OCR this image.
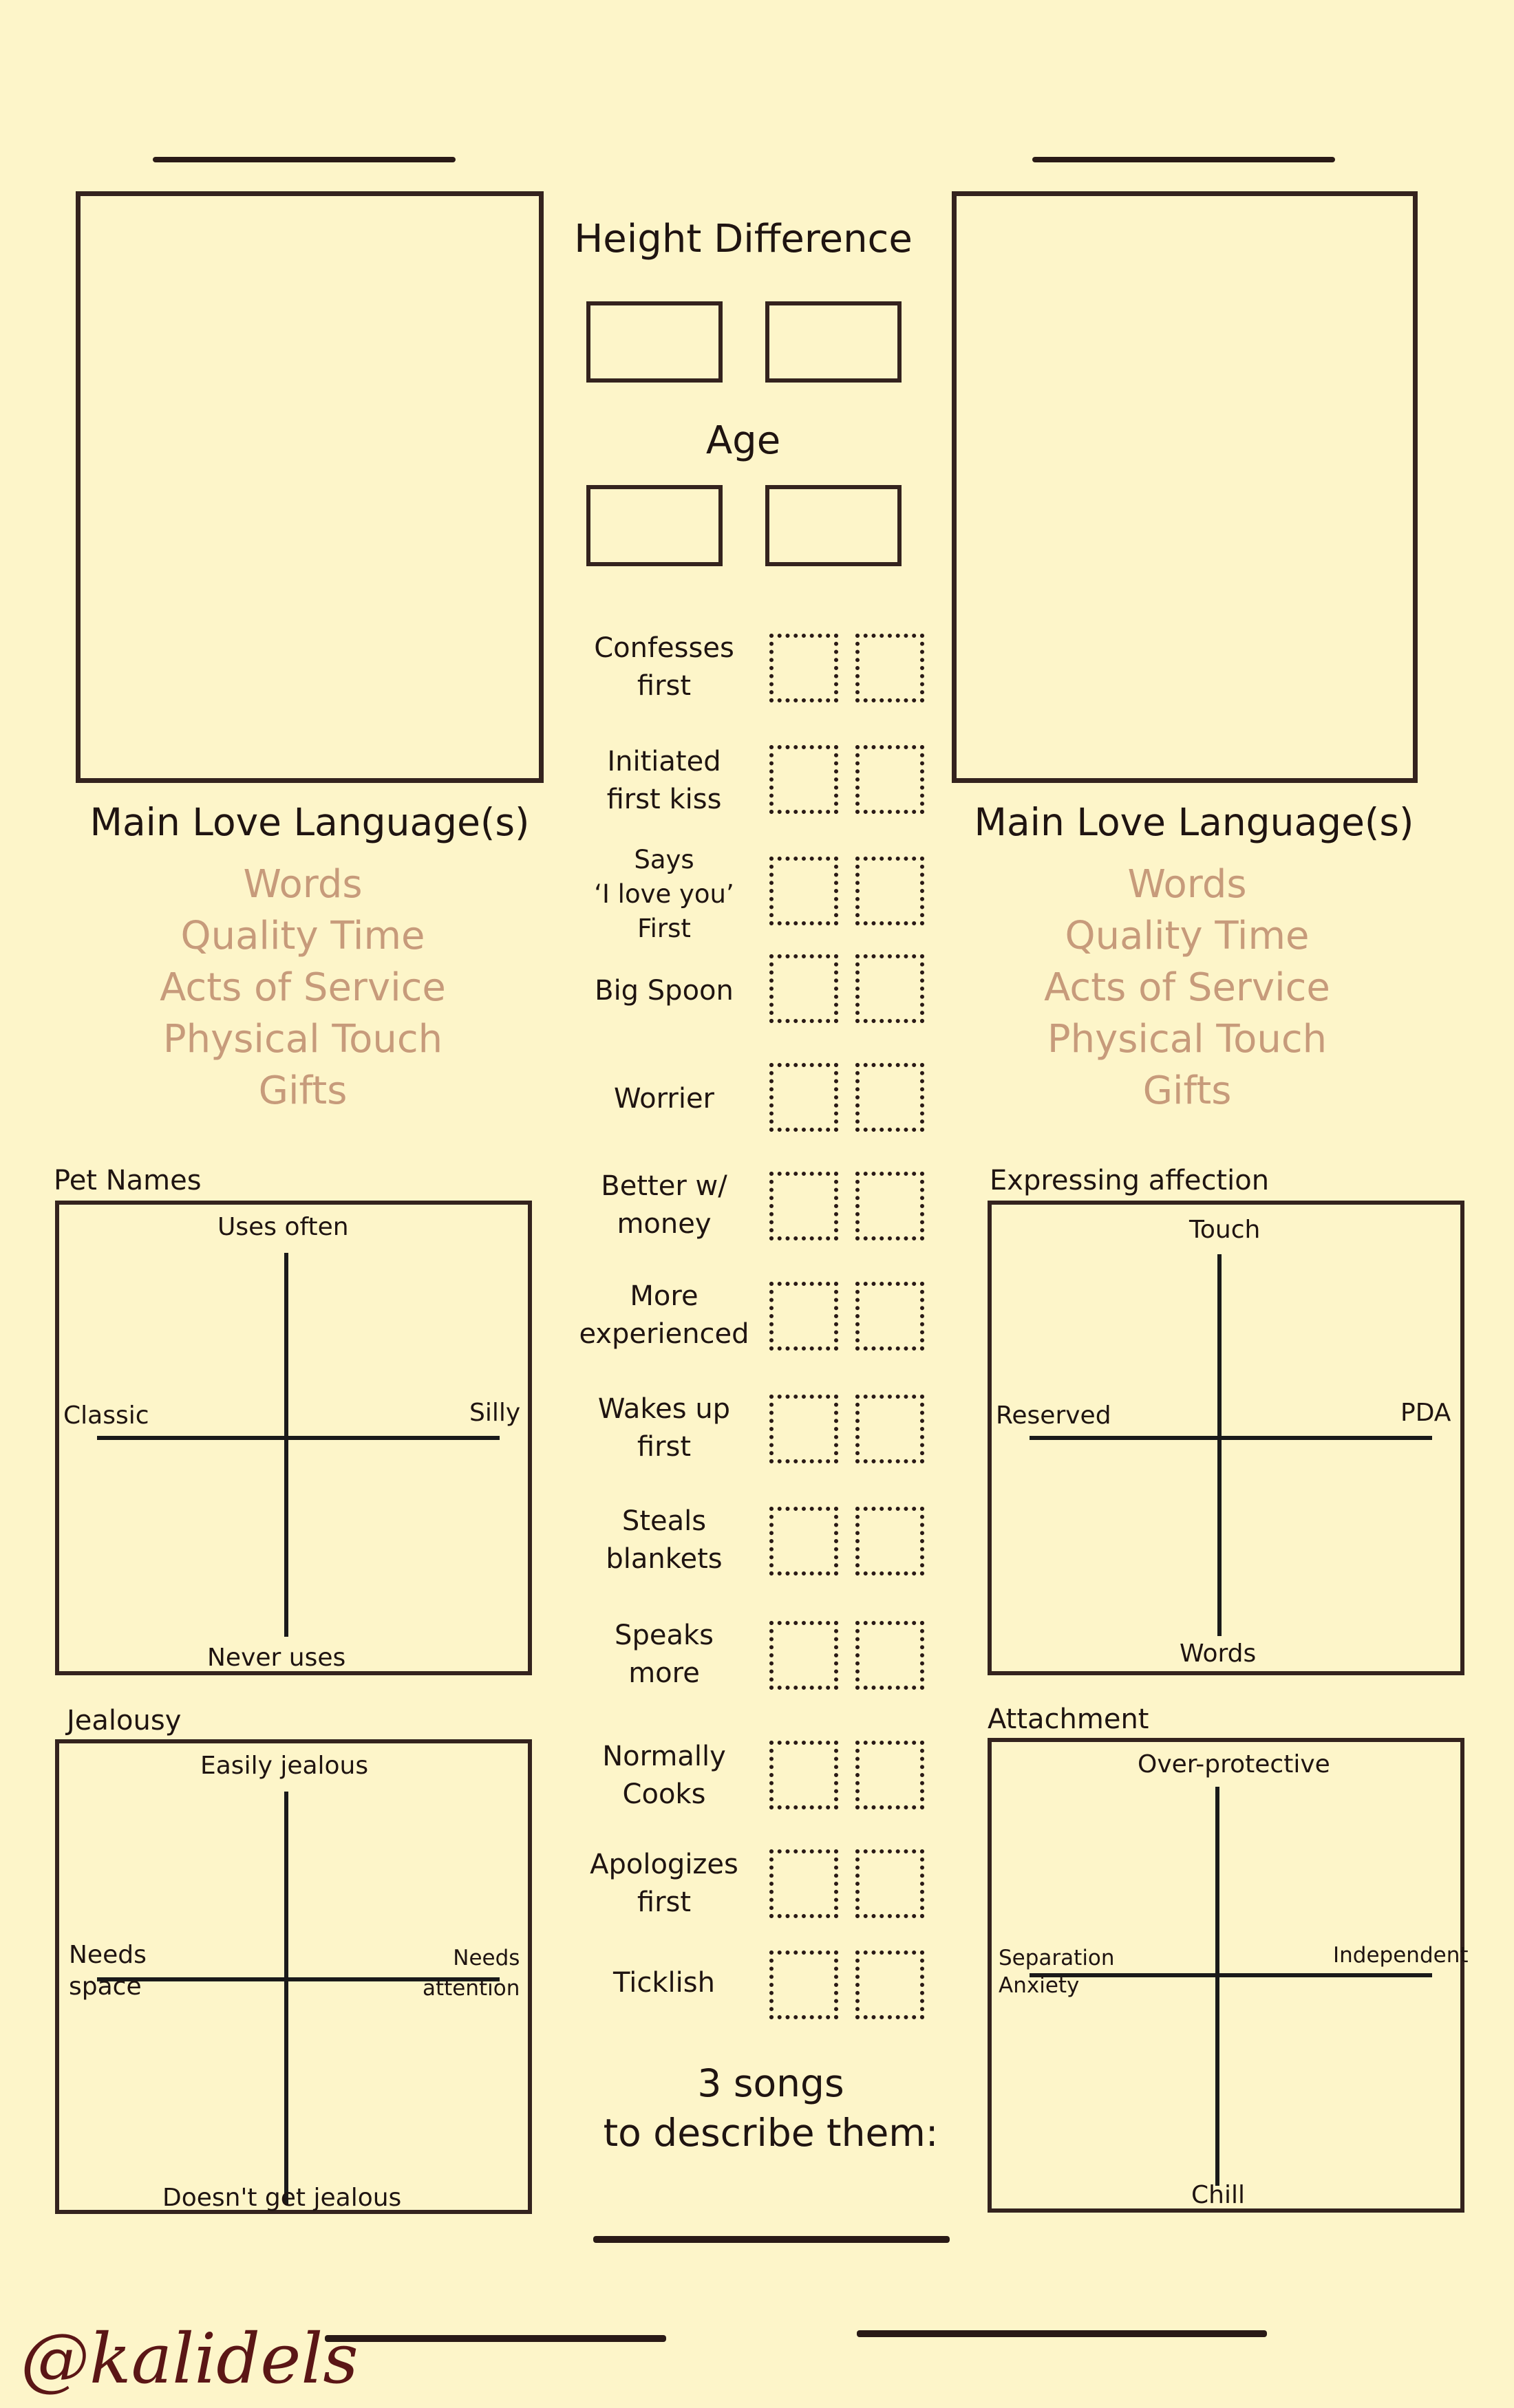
Main Love Language(s)
Words
Quality Time
Acts of Service
Physical Touch
Gifts
Main Love Language(s)
Words
Quality Time
Acts of Service
Physical Touch
Gifts
Height Difference
Age
Confesses
first
Initiated
first kiss
Says
‘I love you’
First
Big Spoon
Worrier
Better w/
money
More
experienced
Wakes up
first
Steals
blankets
Speaks
more
Normally
Cooks
Apologizes
first
Ticklish
3 songs
to describe them:
Pet Names
Uses often
Never uses
Classic	Silly
Jealousy
Easily jealous
Doesn't get jealous
Needs
space
Needs
attention
Expressing affection
Touch
Words
Reserved	PDA
Attachment
Over-protective
Chill
Separation
Anxiety
Independent
@kalidels
